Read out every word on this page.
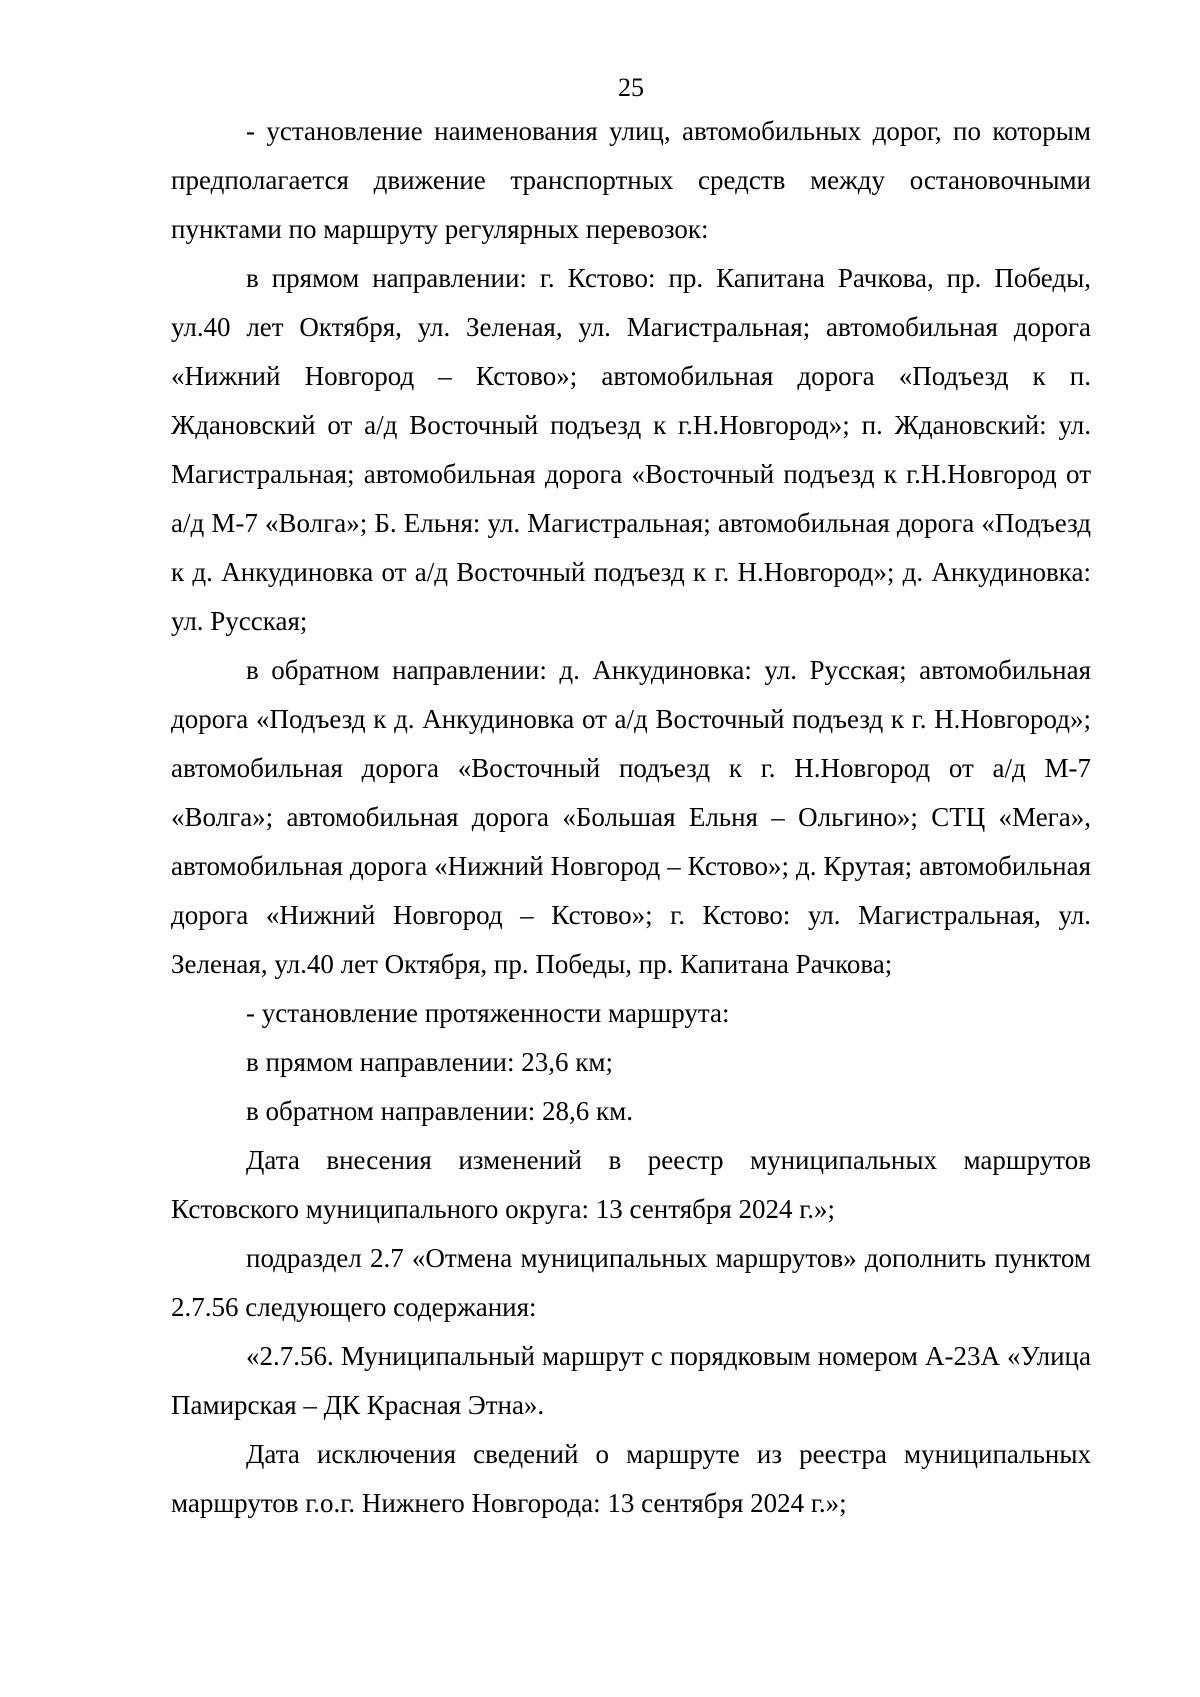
25

- установление наименования улиц, автомобильных дорог, по которым предполагается движение транспортных средств между остановочными пунктами по маршруту регулярных перевозок:

в прямом направлении: г. Кстово: пр. Капитана Рачкова, пр. Победы, ул.40 лет Октября, ул. Зеленая, ул. Магистральная; автомобильная дорога «Нижний Новгород – Кстово»; автомобильная дорога «Подъезд к п. Ждановский от а/д Восточный подъезд к г.Н.Новгород»; п. Ждановский: ул. Магистральная; автомобильная дорога «Восточный подъезд к г.Н.Новгород от а/д М-7 «Волга»; Б. Ельня: ул. Магистральная; автомобильная дорога «Подъезд к д. Анкудиновка от а/д Восточный подъезд к г. Н.Новгород»; д. Анкудиновка: ул. Русская;

в обратном направлении: д. Анкудиновка: ул. Русская; автомобильная дорога «Подъезд к д. Анкудиновка от а/д Восточный подъезд к г. Н.Новгород»; автомобильная дорога «Восточный подъезд к г. Н.Новгород от а/д М-7 «Волга»; автомобильная дорога «Большая Ельня – Ольгино»; СТЦ «Мега», автомобильная дорога «Нижний Новгород – Кстово»; д. Крутая; автомобильная дорога «Нижний Новгород – Кстово»; г. Кстово: ул. Магистральная, ул. Зеленая, ул.40 лет Октября, пр. Победы, пр. Капитана Рачкова;

- установление протяженности маршрута:

в прямом направлении: 23,6 км;

в обратном направлении: 28,6 км.

Дата внесения изменений в реестр муниципальных маршрутов Кстовского муниципального округа: 13 сентября 2024 г.»;

подраздел 2.7 «Отмена муниципальных маршрутов» дополнить пунктом 2.7.56 следующего содержания:

«2.7.56. Муниципальный маршрут с порядковым номером А-23А «Улица Памирская – ДК Красная Этна».

Дата исключения сведений о маршруте из реестра муниципальных маршрутов г.о.г. Нижнего Новгорода: 13 сентября 2024 г.»;
